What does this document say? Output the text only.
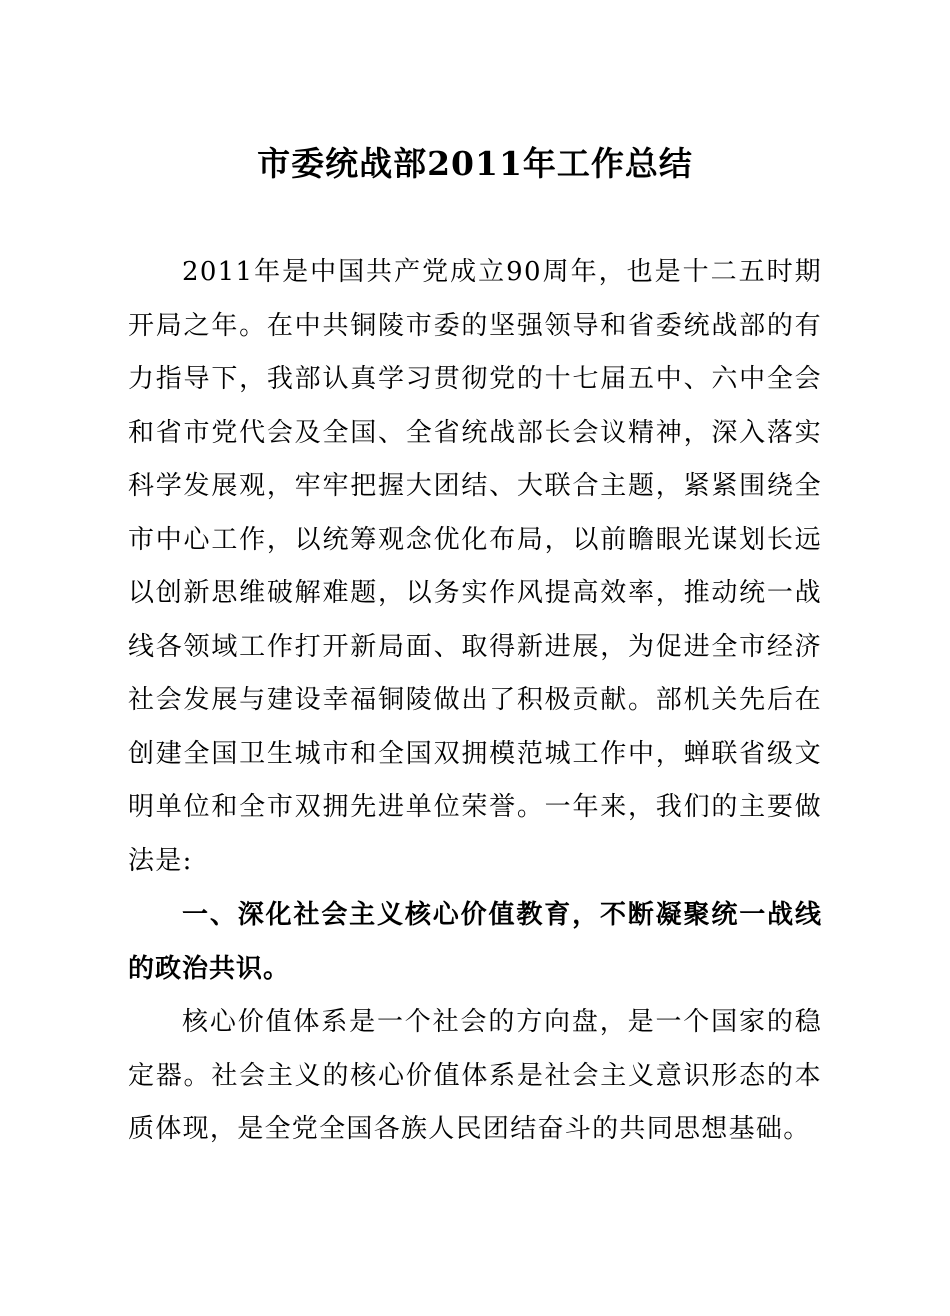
市委统战部2011年工作总结

2011年是中国共产党成立90周年，也是十二五时期开局之年。在中共铜陵市委的坚强领导和省委统战部的有力指导下，我部认真学习贯彻党的十七届五中、六中全会和省市党代会及全国、全省统战部长会议精神，深入落实科学发展观，牢牢把握大团结、大联合主题，紧紧围绕全市中心工作，以统筹观念优化布局，以前瞻眼光谋划长远以创新思维破解难题，以务实作风提高效率，推动统一战线各领域工作打开新局面、取得新进展，为促进全市经济社会发展与建设幸福铜陵做出了积极贡献。部机关先后在创建全国卫生城市和全国双拥模范城工作中，蝉联省级文明单位和全市双拥先进单位荣誉。一年来，我们的主要做法是:

一、深化社会主义核心价值教育，不断凝聚统一战线的政治共识。

核心价值体系是一个社会的方向盘，是一个国家的稳定器。社会主义的核心价值体系是社会主义意识形态的本质体现，是全党全国各族人民团结奋斗的共同思想基础。
